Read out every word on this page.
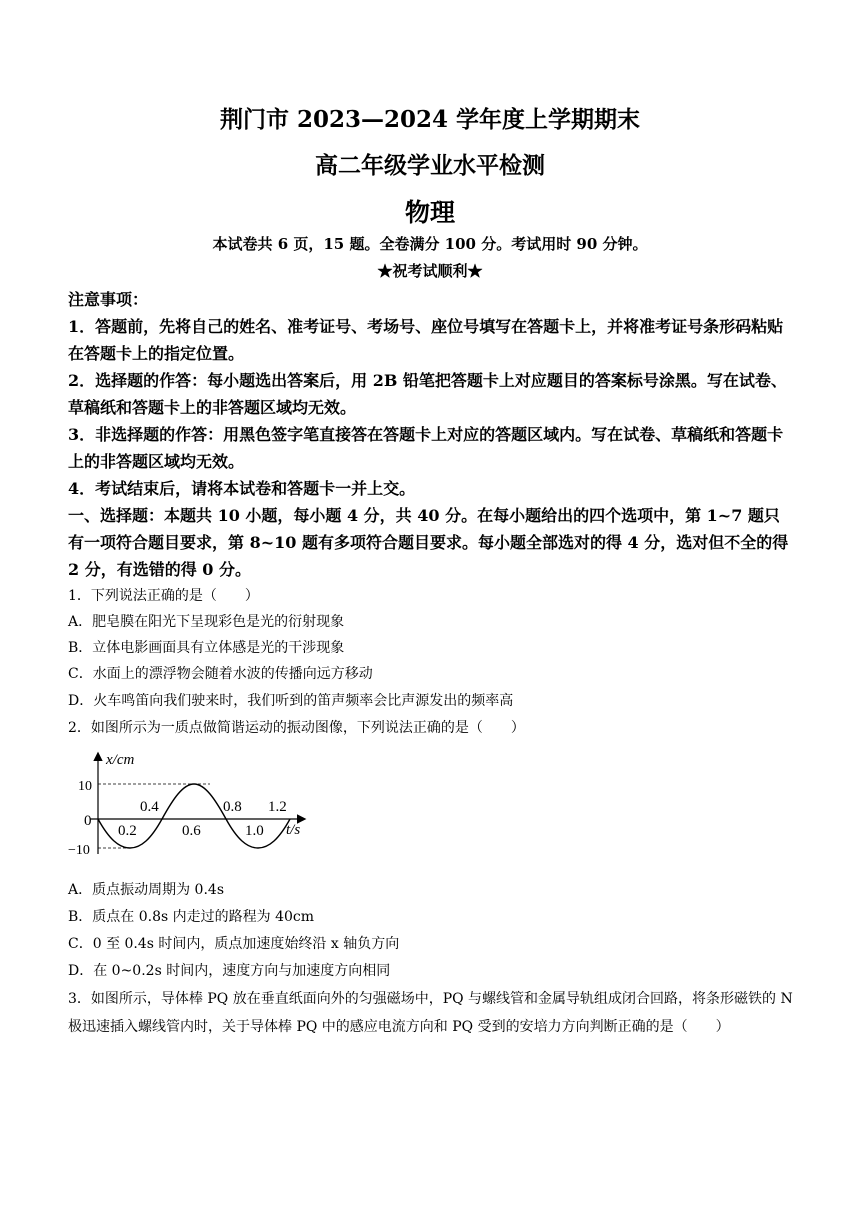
荆门市 2023—2024 学年度上学期期末
高二年级学业水平检测
物理
本试卷共 6 页，15 题。全卷满分 100 分。考试用时 90 分钟。
★祝考试顺利★
注意事项：
1．答题前，先将自己的姓名、准考证号、考场号、座位号填写在答题卡上，并将准考证号条形码粘贴在答题卡上的指定位置。
2．选择题的作答：每小题选出答案后，用 2B 铅笔把答题卡上对应题目的答案标号涂黑。写在试卷、草稿纸和答题卡上的非答题区域均无效。
3．非选择题的作答：用黑色签字笔直接答在答题卡上对应的答题区域内。写在试卷、草稿纸和答题卡上的非答题区域均无效。
4．考试结束后，请将本试卷和答题卡一并上交。
一、选择题：本题共 10 小题，每小题 4 分，共 40 分。在每小题给出的四个选项中，第 1~7 题只有一项符合题目要求，第 8~10 题有多项符合题目要求。每小题全部选对的得 4 分，选对但不全的得 2 分，有选错的得 0 分。
1．下列说法正确的是（　　）
A．肥皂膜在阳光下呈现彩色是光的衍射现象
B．立体电影画面具有立体感是光的干涉现象
C．水面上的漂浮物会随着水波的传播向远方移动
D．火车鸣笛向我们驶来时，我们听到的笛声频率会比声源发出的频率高
2．如图所示为一质点做简谐运动的振动图像，下列说法正确的是（　　）
x/cm
t/s
0
10
−10
0.4	0.8 1.2
0.2	0.6	1.0
A．质点振动周期为 0.4s
B．质点在 0.8s 内走过的路程为 40cm
C．0 至 0.4s 时间内，质点加速度始终沿 x 轴负方向
D．在 0~0.2s 时间内，速度方向与加速度方向相同
3．如图所示，导体棒 PQ 放在垂直纸面向外的匀强磁场中，PQ 与螺线管和金属导轨组成闭合回路，将条形磁铁的 N 极迅速插入螺线管内时，关于导体棒 PQ 中的感应电流方向和 PQ 受到的安培力方向判断正确的是（　　）
